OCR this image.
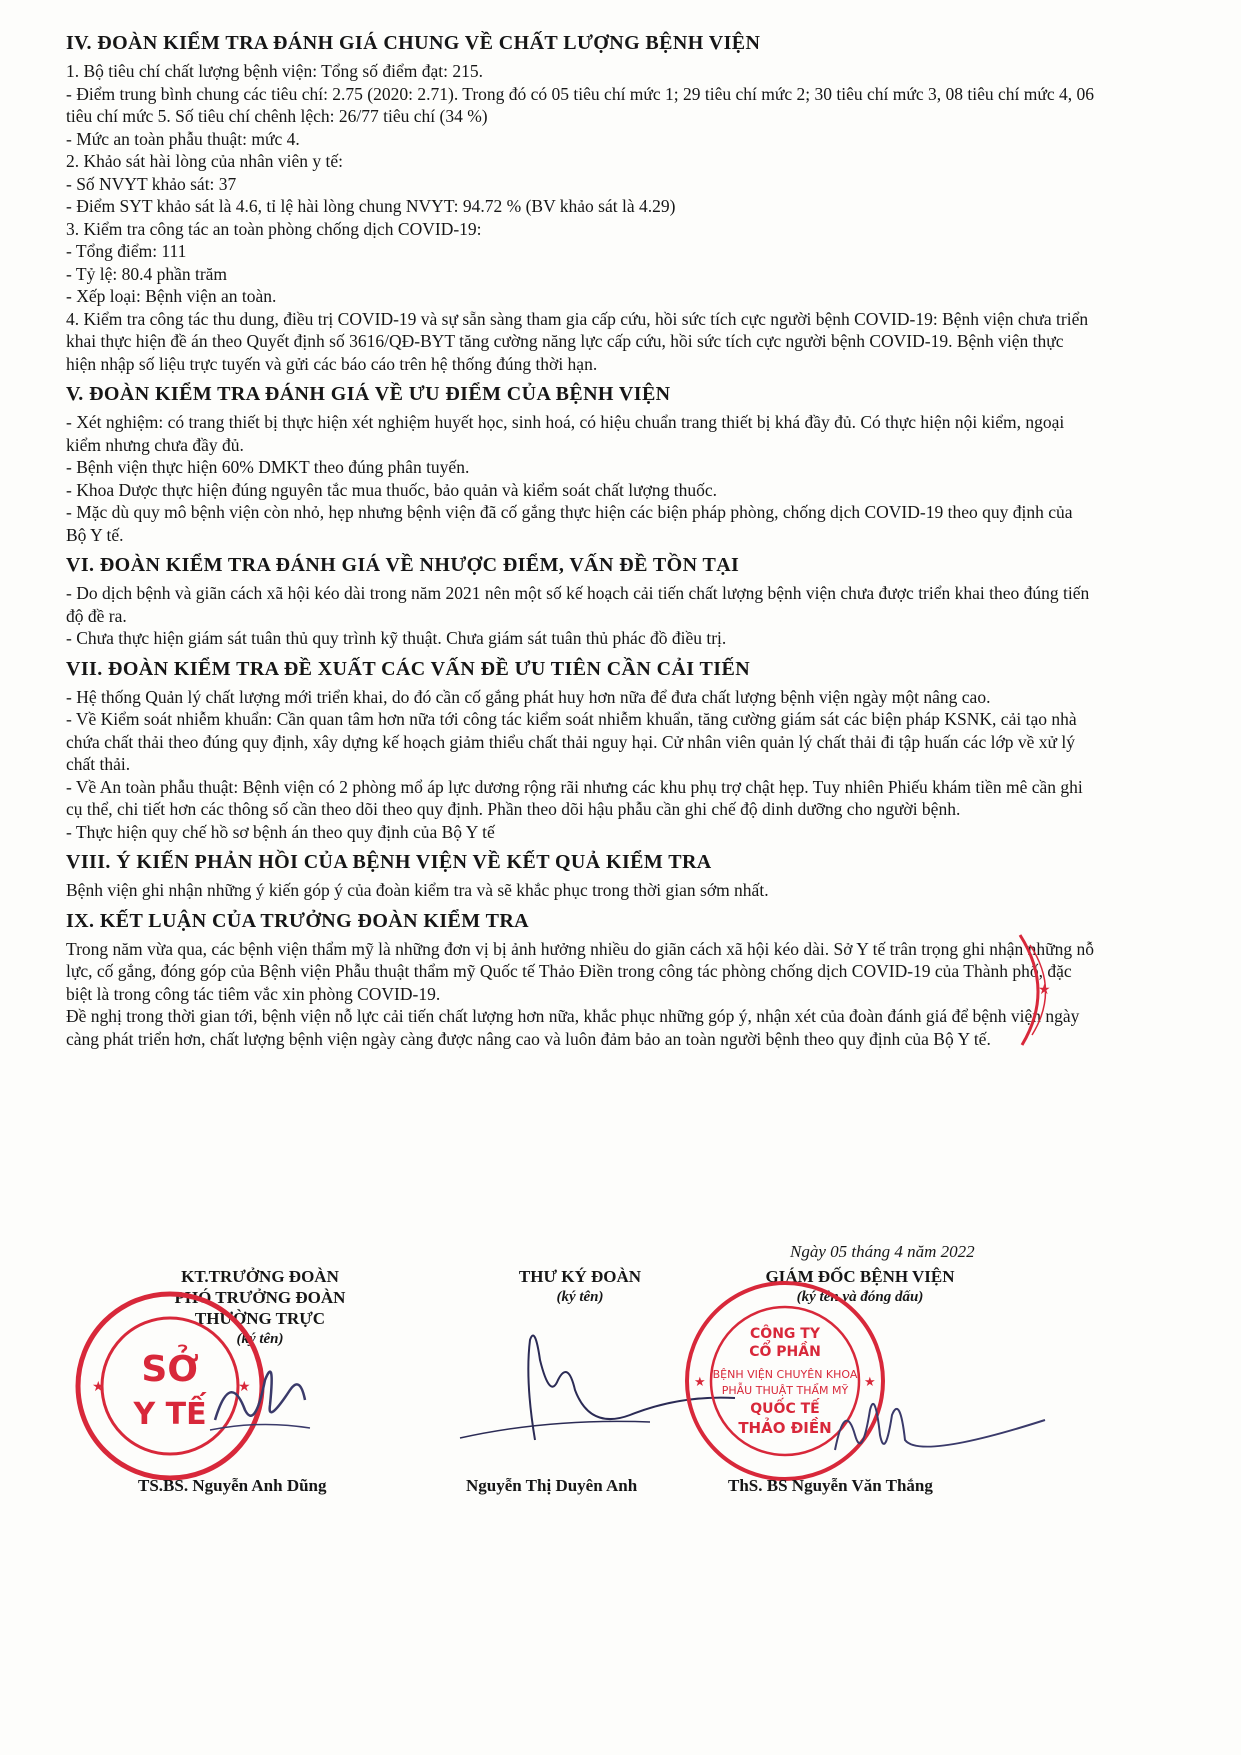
IV. ĐOÀN KIỂM TRA ĐÁNH GIÁ CHUNG VỀ CHẤT LƯỢNG BỆNH VIỆN

1. Bộ tiêu chí chất lượng bệnh viện: Tổng số điểm đạt: 215.

- Điểm trung bình chung các tiêu chí: 2.75 (2020: 2.71). Trong đó có 05 tiêu chí mức 1; 29 tiêu chí mức 2; 30 tiêu chí mức 3, 08 tiêu chí mức 4, 06 tiêu chí mức 5. Số tiêu chí chênh lệch: 26/77 tiêu chí (34 %)

- Mức an toàn phẫu thuật: mức 4.

2. Khảo sát hài lòng của nhân viên y tế:

- Số NVYT khảo sát: 37

- Điểm SYT khảo sát là 4.6, tỉ lệ hài lòng chung NVYT: 94.72 % (BV khảo sát là 4.29)

3. Kiểm tra công tác an toàn phòng chống dịch COVID-19:

- Tổng điểm: 111

- Tỷ lệ: 80.4 phần trăm

- Xếp loại: Bệnh viện an toàn.

4. Kiểm tra công tác thu dung, điều trị COVID-19 và sự sẵn sàng tham gia cấp cứu, hồi sức tích cực người bệnh COVID-19: Bệnh viện chưa triển khai thực hiện đề án theo Quyết định số 3616/QĐ-BYT tăng cường năng lực cấp cứu, hồi sức tích cực người bệnh COVID-19. Bệnh viện thực hiện nhập số liệu trực tuyến và gửi các báo cáo trên hệ thống đúng thời hạn.

V. ĐOÀN KIỂM TRA ĐÁNH GIÁ VỀ ƯU ĐIỂM CỦA BỆNH VIỆN

- Xét nghiệm: có trang thiết bị thực hiện xét nghiệm huyết học, sinh hoá, có hiệu chuẩn trang thiết bị khá đầy đủ. Có thực hiện nội kiểm, ngoại kiểm nhưng chưa đầy đủ.

- Bệnh viện thực hiện 60% DMKT theo đúng phân tuyến.

- Khoa Dược thực hiện đúng nguyên tắc mua thuốc, bảo quản và kiểm soát chất lượng thuốc.

- Mặc dù quy mô bệnh viện còn nhỏ, hẹp nhưng bệnh viện đã cố gắng thực hiện các biện pháp phòng, chống dịch COVID-19 theo quy định của Bộ Y tế.

VI. ĐOÀN KIỂM TRA ĐÁNH GIÁ VỀ NHƯỢC ĐIỂM, VẤN ĐỀ TỒN TẠI

- Do dịch bệnh và giãn cách xã hội kéo dài trong năm 2021 nên một số kế hoạch cải tiến chất lượng bệnh viện chưa được triển khai theo đúng tiến độ đề ra.

- Chưa thực hiện giám sát tuân thủ quy trình kỹ thuật. Chưa giám sát tuân thủ phác đồ điều trị.

VII. ĐOÀN KIỂM TRA ĐỀ XUẤT CÁC VẤN ĐỀ ƯU TIÊN CẦN CẢI TIẾN

- Hệ thống Quản lý chất lượng mới triển khai, do đó cần cố gắng phát huy hơn nữa để đưa chất lượng bệnh viện ngày một nâng cao.

- Về Kiểm soát nhiễm khuẩn: Cần quan tâm hơn nữa tới công tác kiểm soát nhiễm khuẩn, tăng cường giám sát các biện pháp KSNK, cải tạo nhà chứa chất thải theo đúng quy định, xây dựng kế hoạch giảm thiểu chất thải nguy hại. Cử nhân viên quản lý chất thải đi tập huấn các lớp về xử lý chất thải.

- Về An toàn phẫu thuật: Bệnh viện có 2 phòng mổ áp lực dương rộng rãi nhưng các khu phụ trợ chật hẹp. Tuy nhiên Phiếu khám tiền mê cần ghi cụ thể, chi tiết hơn các thông số cần theo dõi theo quy định. Phần theo dõi hậu phẫu cần ghi chế độ dinh dưỡng cho người bệnh.

- Thực hiện quy chế hồ sơ bệnh án theo quy định của Bộ Y tế

VIII. Ý KIẾN PHẢN HỒI CỦA BỆNH VIỆN VỀ KẾT QUẢ KIỂM TRA

Bệnh viện ghi nhận những ý kiến góp ý của đoàn kiểm tra và sẽ khắc phục trong thời gian sớm nhất.

IX. KẾT LUẬN CỦA TRƯỞNG ĐOÀN KIỂM TRA

Trong năm vừa qua, các bệnh viện thẩm mỹ là những đơn vị bị ảnh hưởng nhiều do giãn cách xã hội kéo dài. Sở Y tế trân trọng ghi nhận những nỗ lực, cố gắng, đóng góp của Bệnh viện Phẫu thuật thẩm mỹ Quốc tế Thảo Điền trong công tác phòng chống dịch COVID-19 của Thành phố, đặc biệt là trong công tác tiêm vắc xin phòng COVID-19.

Đề nghị trong thời gian tới, bệnh viện nỗ lực cải tiến chất lượng hơn nữa, khắc phục những góp ý, nhận xét của đoàn đánh giá để bệnh viện ngày càng phát triển hơn, chất lượng bệnh viện ngày càng được nâng cao và luôn đảm bảo an toàn người bệnh theo quy định của Bộ Y tế.

★
Ngày 05 tháng 4 năm 2022
KT.TRƯỞNG ĐOÀN
PHÓ TRƯỞNG ĐOÀN
THƯỜNG TRỰC
(ký tên)
SỞ
Y TẾ
★	★
TS.BS. Nguyễn Anh Dũng
THƯ KÝ ĐOÀN
(ký tên)
Nguyễn Thị Duyên Anh
GIÁM ĐỐC BỆNH VIỆN
(ký tên và đóng dấu)
CÔNG TY
CỔ PHẦN
BỆNH VIỆN CHUYÊN KHOA
PHẪU THUẬT THẨM MỸ
QUỐC TẾ
THẢO ĐIỀN
★	★
ThS. BS Nguyễn Văn Thắng
